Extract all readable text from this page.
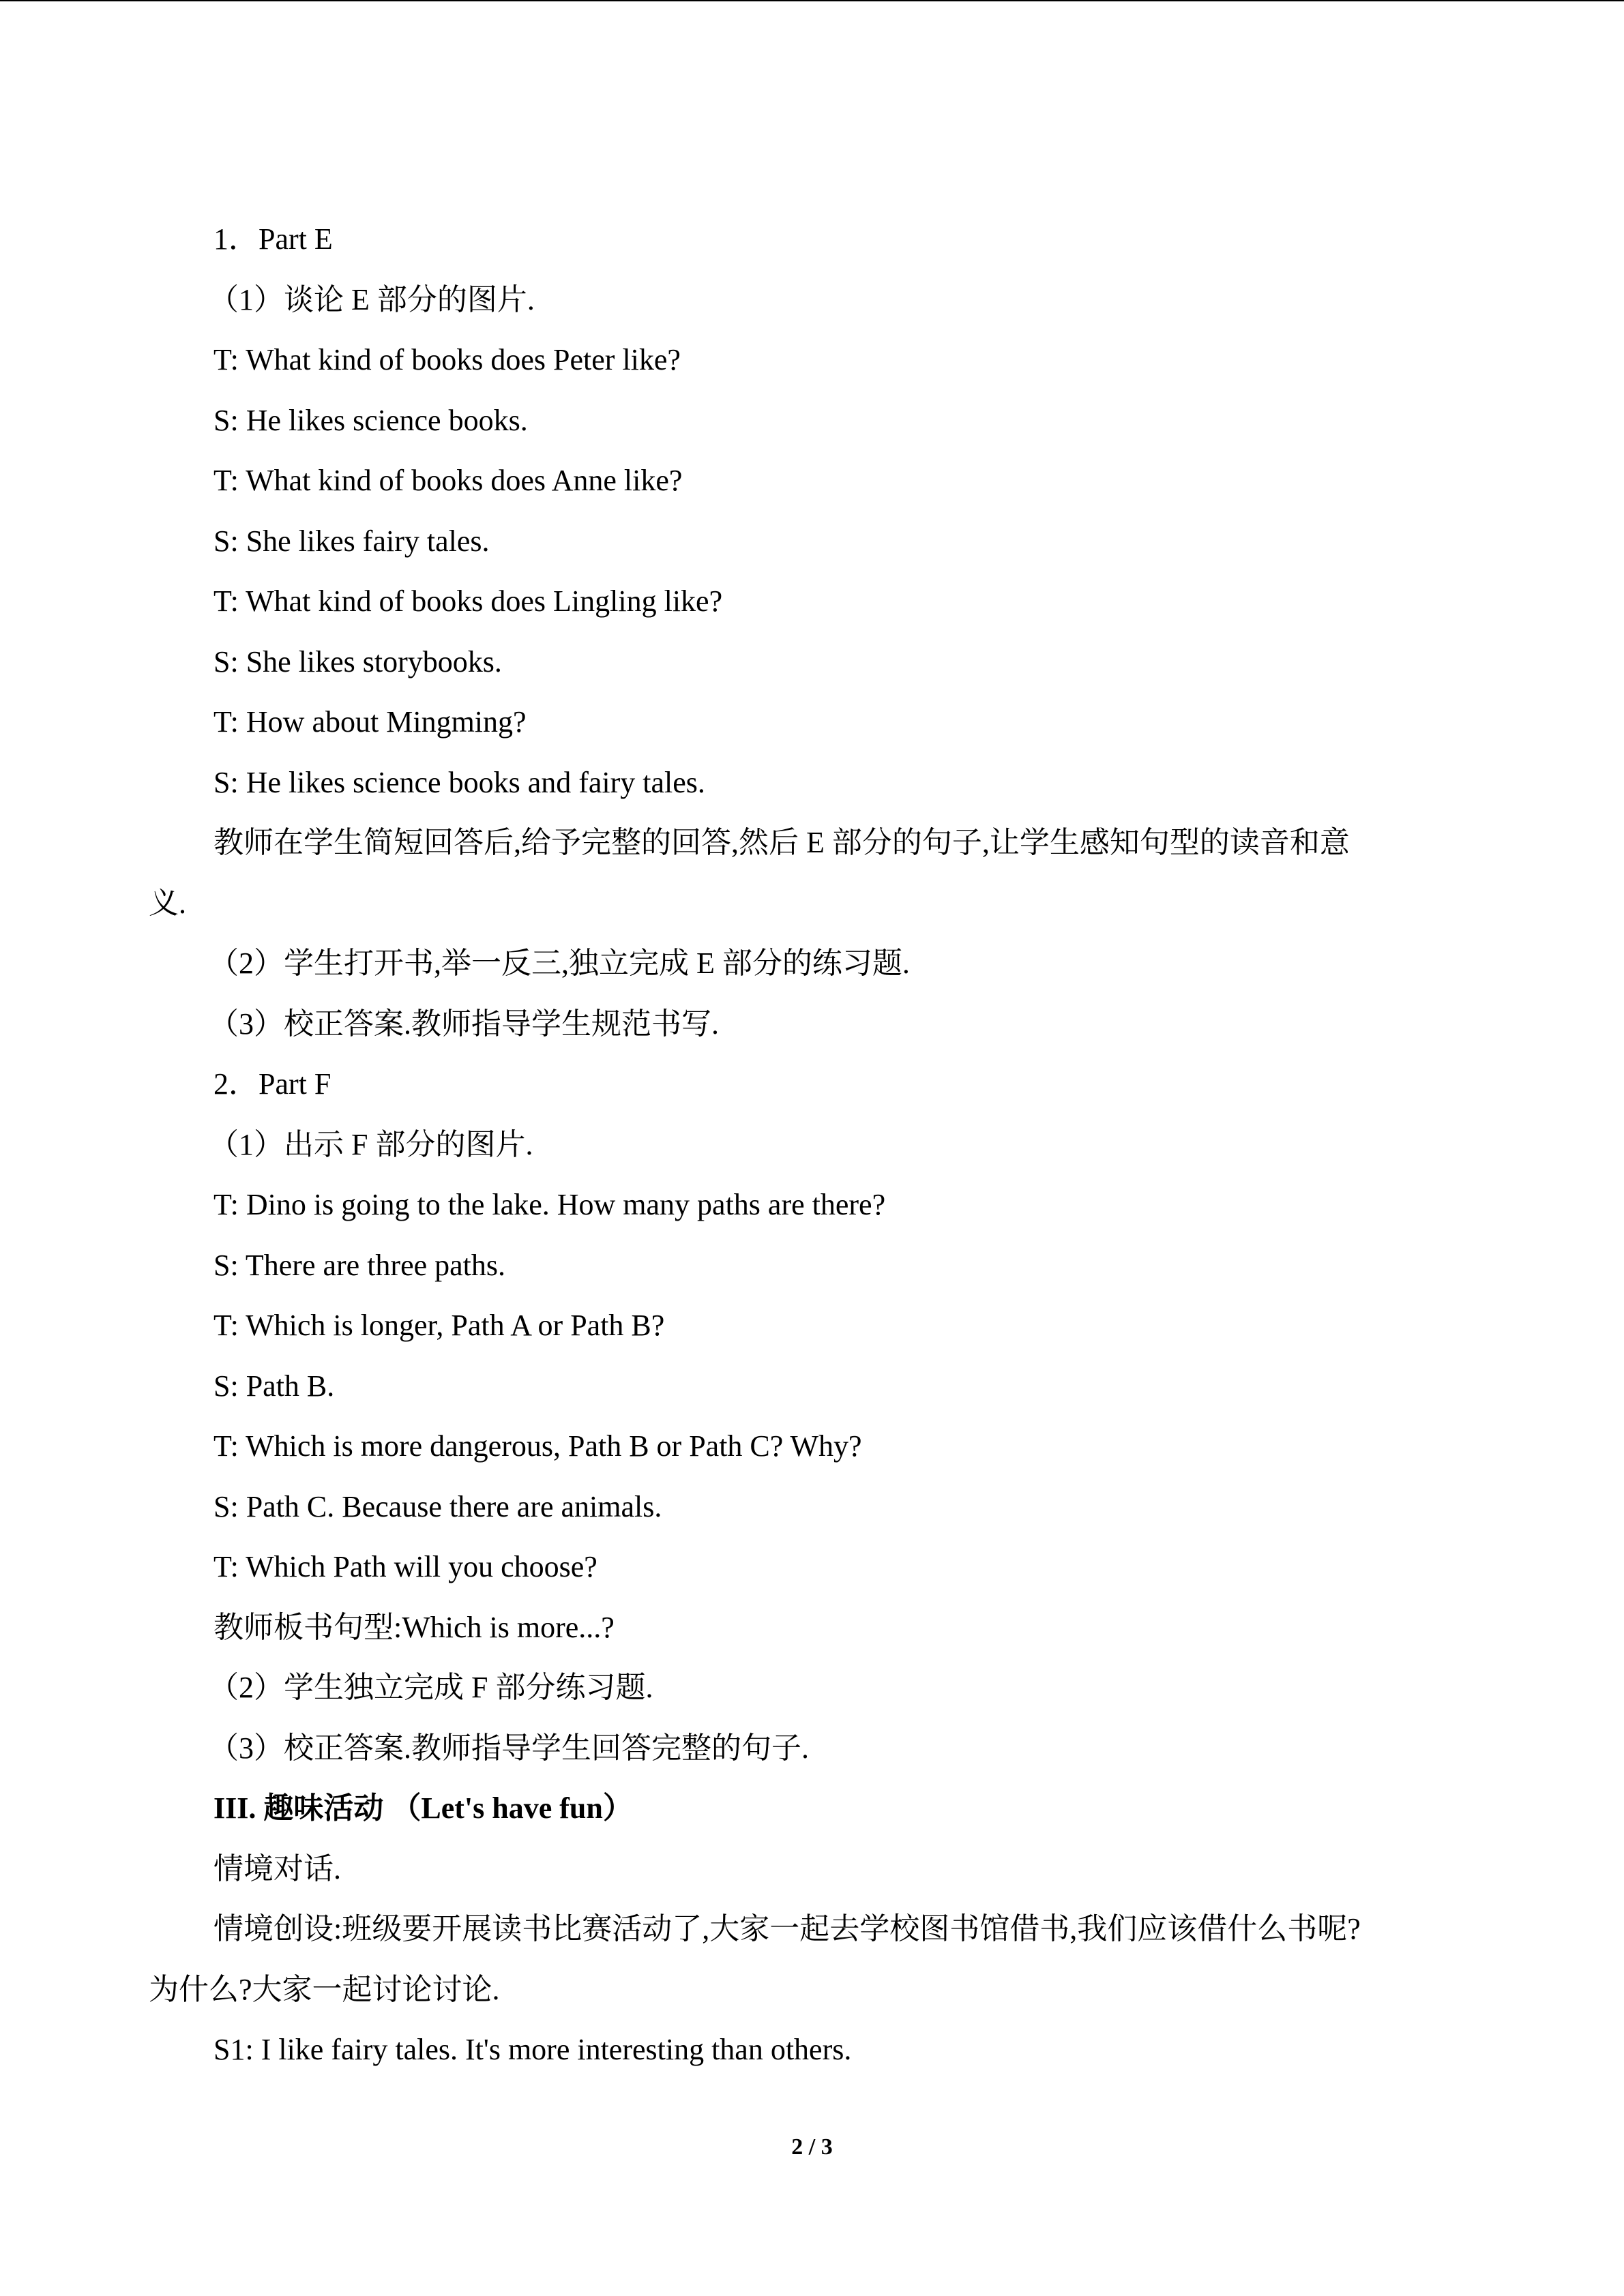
1．Part E
（1）谈论 E 部分的图片.
T: What kind of books does Peter like?
S: He likes science books.
T: What kind of books does Anne like?
S: She likes fairy tales.
T: What kind of books does Lingling like?
S: She likes storybooks.
T: How about Mingming?
S: He likes science books and fairy tales.
教师在学生简短回答后,给予完整的回答,然后 E 部分的句子,让学生感知句型的读音和意
义.
（2）学生打开书,举一反三,独立完成 E 部分的练习题.
（3）校正答案.教师指导学生规范书写.
2．Part F
（1）出示 F 部分的图片.
T: Dino is going to the lake. How many paths are there?
S: There are three paths.
T: Which is longer, Path A or Path B?
S: Path B.
T: Which is more dangerous, Path B or Path C? Why?
S: Path C. Because there are animals.
T: Which Path will you choose?
教师板书句型:Which is more...?
（2）学生独立完成 F 部分练习题.
（3）校正答案.教师指导学生回答完整的句子.
III. 趣味活动 （Let's have fun）
情境对话.
情境创设:班级要开展读书比赛活动了,大家一起去学校图书馆借书,我们应该借什么书呢?
为什么?大家一起讨论讨论.
S1: I like fairy tales. It's more interesting than others.
2 / 3
